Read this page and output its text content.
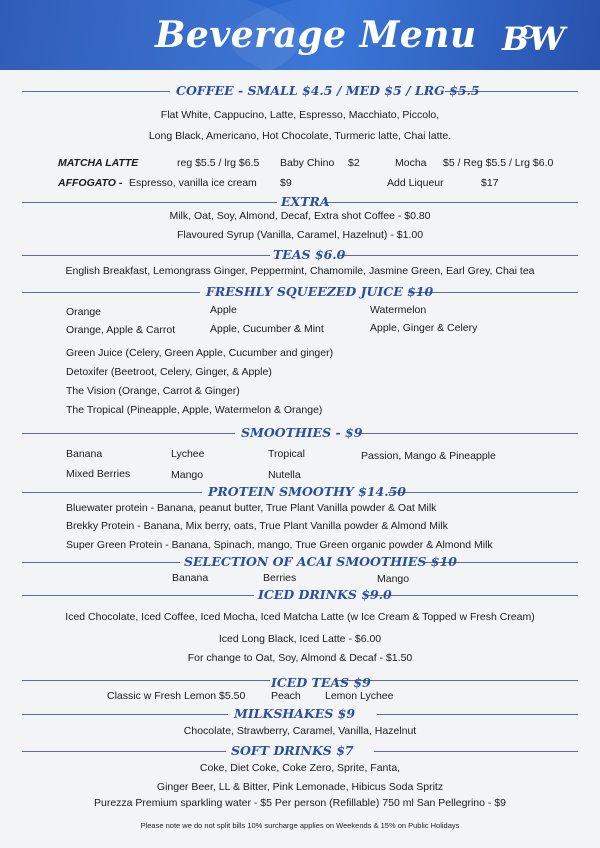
Beverage Menu BW
COFFEE - SMALL $4.5 / MED $5 / LRG $5.5
Flat White, Cappucino, Latte, Espresso, Macchiato, Piccolo,
Long Black, Americano, Hot Chocolate, Turmeric latte, Chai latte.
MATCHA LATTE	reg $5.5 / lrg $6.5 Baby Chino $2	Mocha $5 / Reg $5.5 / Lrg $6.0
AFFOGATO - Espresso, vanilla ice cream $9	Add Liqueur	$17
EXTRA
Milk, Oat, Soy, Almond, Decaf, Extra shot Coffee - $0.80
Flavoured Syrup (Vanilla, Caramel, Hazelnut) - $1.00
TEAS $6.0
English Breakfast, Lemongrass Ginger, Peppermint, Chamomile, Jasmine Green, Earl Grey, Chai tea
FRESHLY SQUEEZED JUICE $10
Orange	Apple	Watermelon
Orange, Apple & Carrot	Apple, Cucumber & Mint	Apple, Ginger & Celery
Green Juice (Celery, Green Apple, Cucumber and ginger)
Detoxifer (Beetroot, Celery, Ginger, & Apple)
The Vision (Orange, Carrot & Ginger)
The Tropical (Pineapple, Apple, Watermelon & Orange)
SMOOTHIES - $9
Banana	Lychee	Tropical	Passion, Mango & Pineapple
Mixed Berries	Mango	Nutella
PROTEIN SMOOTHY $14.50
Bluewater protein - Banana, peanut butter, True Plant Vanilla powder & Oat Milk
Brekky Protein - Banana, Mix berry, oats, True Plant Vanilla powder & Almond Milk
Super Green Protein - Banana, Spinach, mango, True Green organic powder & Almond Milk
SELECTION OF ACAI SMOOTHIES $10
Banana	Berries	Mango
ICED DRINKS $9.0
Iced Chocolate, Iced Coffee, Iced Mocha, Iced Matcha Latte (w Ice Cream & Topped w Fresh Cream)
Iced Long Black, Iced Latte - $6.00
For change to Oat, Soy, Almond & Decaf - $1.50
ICED TEAS $9
Classic w Fresh Lemon $5.50 Peach Lemon Lychee
MILKSHAKES $9
Chocolate, Strawberry, Caramel, Vanilla, Hazelnut
SOFT DRINKS $7
Coke, Diet Coke, Coke Zero, Sprite, Fanta,
Ginger Beer, LL & Bitter, Pink Lemonade, Hibicus Soda Spritz
Purezza Premium sparkling water - $5 Per person (Refillable) 750 ml San Pellegrino - $9
Please note we do not split bills 10% surcharge applies on Weekends & 15% on Public Holidays
